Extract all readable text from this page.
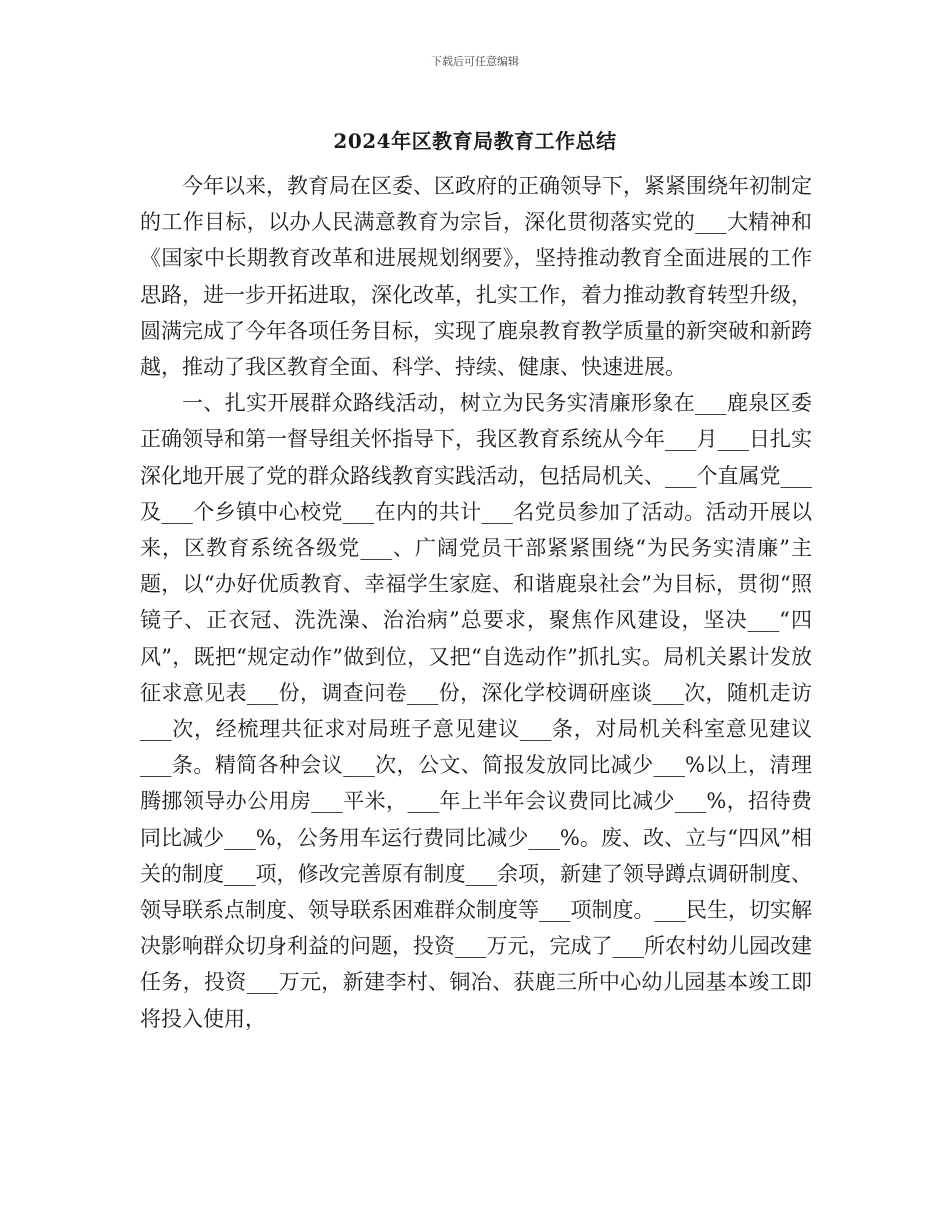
下载后可任意编辑
2024年区教育局教育工作总结

今年以来，教育局在区委、区政府的正确领导下，紧紧围绕年初制定的工作目标，以办人民满意教育为宗旨，深化贯彻落实党的___大精神和《国家中长期教育改革和进展规划纲要》，坚持推动教育全面进展的工作思路，进一步开拓进取，深化改革，扎实工作，着力推动教育转型升级，圆满完成了今年各项任务目标，实现了鹿泉教育教学质量的新突破和新跨越，推动了我区教育全面、科学、持续、健康、快速进展。

一、扎实开展群众路线活动，树立为民务实清廉形象在___鹿泉区委正确领导和第一督导组关怀指导下，我区教育系统从今年___月___日扎实深化地开展了党的群众路线教育实践活动，包括局机关、___个直属党___及___个乡镇中心校党___在内的共计___名党员参加了活动。活动开展以来，区教育系统各级党___、广阔党员干部紧紧围绕“为民务实清廉”主题，以“办好优质教育、幸福学生家庭、和谐鹿泉社会”为目标，贯彻“照镜子、正衣冠、洗洗澡、治治病”总要求，聚焦作风建设，坚决___“四风”，既把“规定动作”做到位，又把“自选动作”抓扎实。局机关累计发放征求意见表___份，调查问卷___份，深化学校调研座谈___次，随机走访___次，经梳理共征求对局班子意见建议___条，对局机关科室意见建议___条。精简各种会议___次，公文、简报发放同比减少___%以上，清理腾挪领导办公用房___平米，___年上半年会议费同比减少___%，招待费同比减少___%，公务用车运行费同比减少___%。废、改、立与“四风”相关的制度___项，修改完善原有制度___余项，新建了领导蹲点调研制度、领导联系点制度、领导联系困难群众制度等___项制度。___民生，切实解决影响群众切身利益的问题，投资___万元，完成了___所农村幼儿园改建任务，投资___万元，新建李村、铜冶、获鹿三所中心幼儿园基本竣工即将投入使用，
